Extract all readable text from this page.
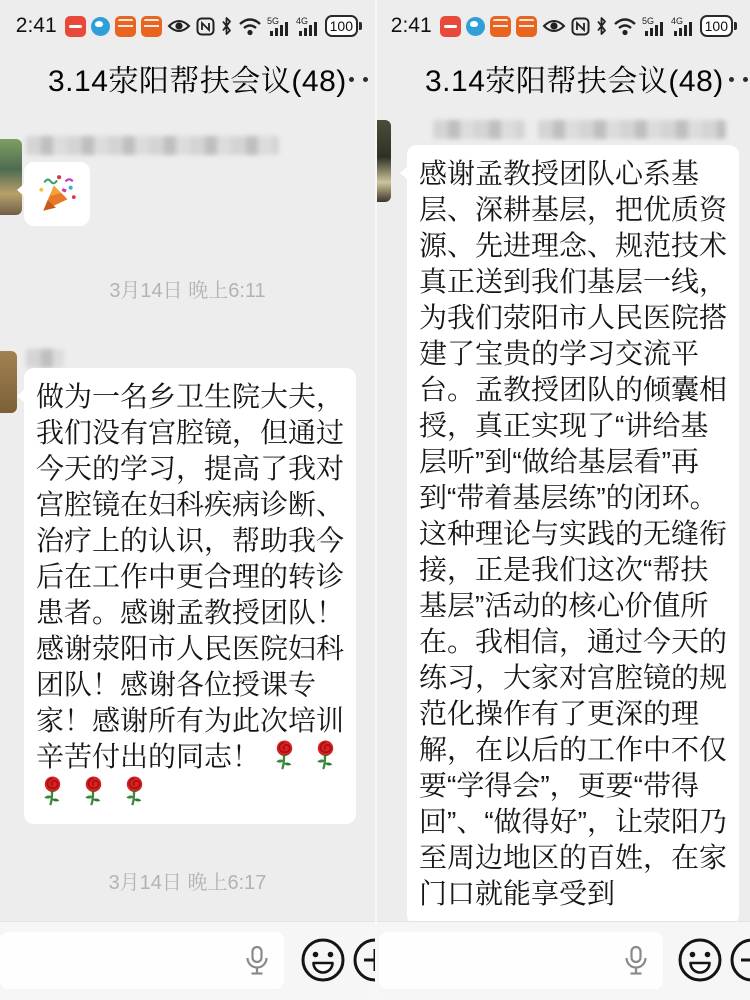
2:41	5G 4G	100
3.14荥阳帮扶会议(48)
3月14日 晚上6:11
做为一名乡卫生院大夫，我们没有宫腔镜，但通过今天的学习，提高了我对宫腔镜在妇科疾病诊断、治疗上的认识，帮助我今后在工作中更合理的转诊患者。感谢孟教授团队！感谢荥阳市人民医院妇科团队！感谢各位授课专家！感谢所有为此次培训辛苦付出的同志！
3月14日 晚上6:17
2:41	5G 4G	100
3.14荥阳帮扶会议(48)
感谢孟教授团队心系基层、深耕基层，把优质资源、先进理念、规范技术真正送到我们基层一线，为我们荥阳市人民医院搭建了宝贵的学习交流平台。孟教授团队的倾囊相授，真正实现了“讲给基层听”到“做给基层看”再到“带着基层练”的闭环。这种理论与实践的无缝衔接，正是我们这次“帮扶基层”活动的核心价值所在。我相信，通过今天的练习，大家对宫腔镜的规范化操作有了更深的理解，在以后的工作中不仅要“学得会”，更要“带得回”、“做得好”，让荥阳乃至周边地区的百姓，在家门口就能享受到
